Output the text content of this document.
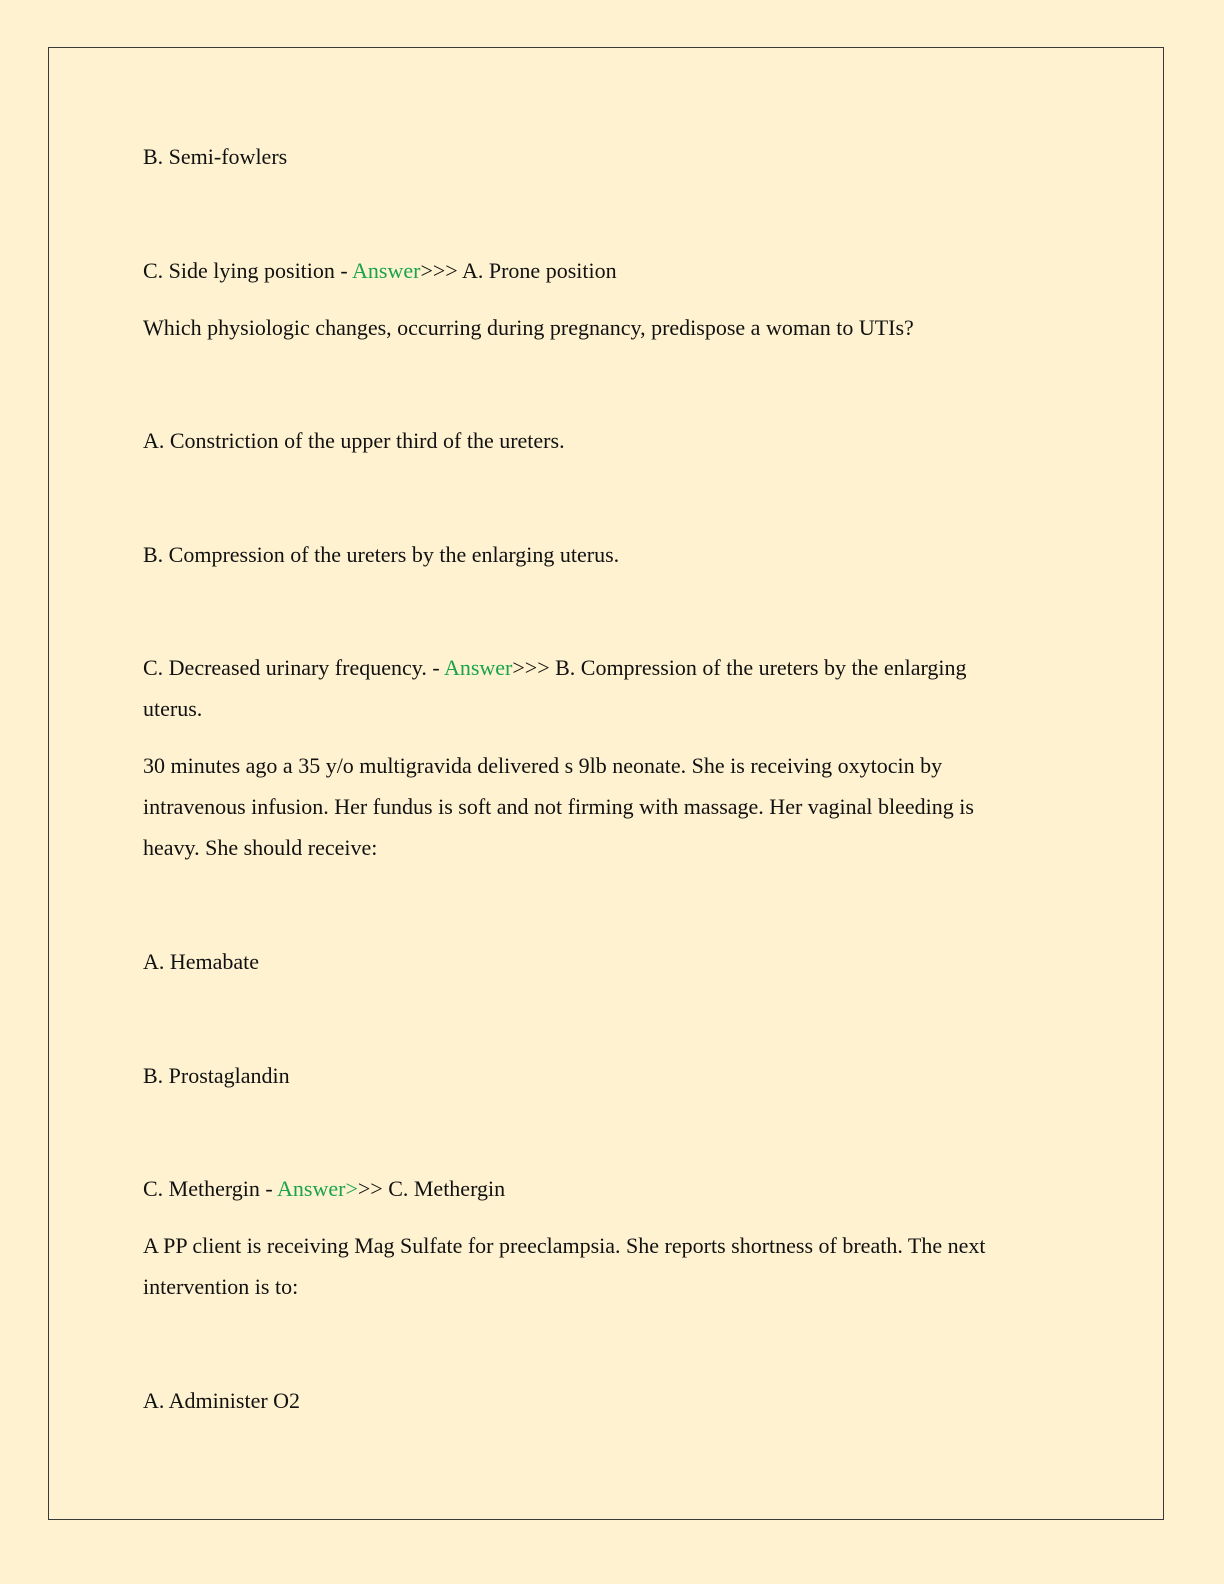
B. Semi-fowlers
C. Side lying position - Answer>>> A. Prone position
Which physiologic changes, occurring during pregnancy, predispose a woman to UTIs?
A. Constriction of the upper third of the ureters.
B. Compression of the ureters by the enlarging uterus.
C. Decreased urinary frequency. - Answer>>> B. Compression of the ureters by the enlarging
uterus.
30 minutes ago a 35 y/o multigravida delivered s 9lb neonate. She is receiving oxytocin by
intravenous infusion. Her fundus is soft and not firming with massage. Her vaginal bleeding is
heavy. She should receive:
A. Hemabate
B. Prostaglandin
C. Methergin - Answer>>> C. Methergin
A PP client is receiving Mag Sulfate for preeclampsia. She reports shortness of breath. The next
intervention is to:
A. Administer O2
